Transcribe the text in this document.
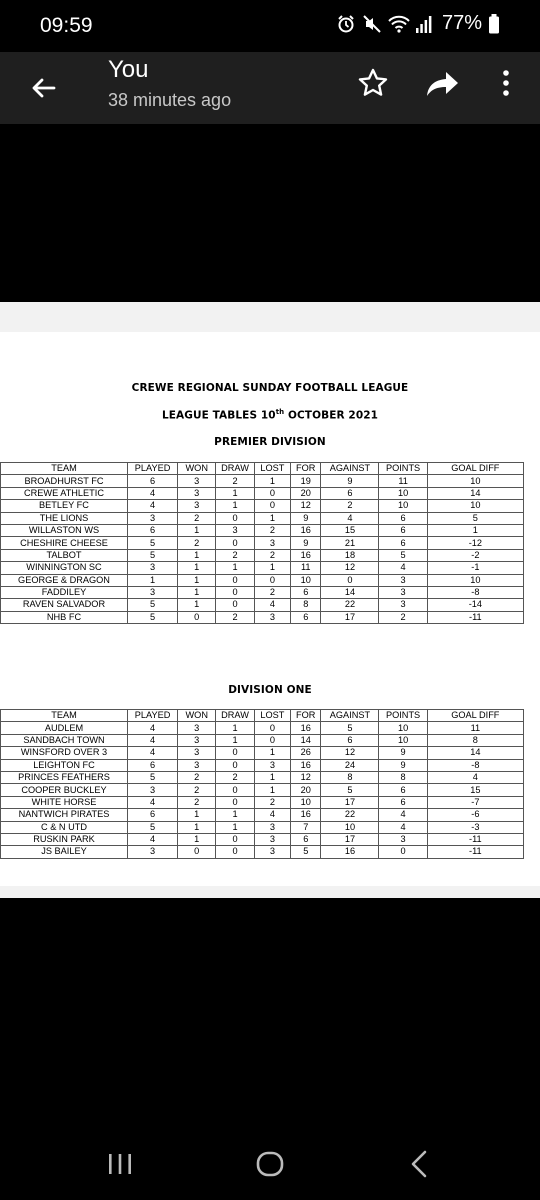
09:59	77%
You
38 minutes ago
CREWE REGIONAL SUNDAY FOOTBALL LEAGUE
LEAGUE TABLES 10th OCTOBER 2021
PREMIER DIVISION
TEAM	PLAYED	WON	DRAW	LOST	FOR	AGAINST	POINTS	GOAL DIFF
BROADHURST FC	6	3	2	1	19	9	11	10
CREWE ATHLETIC	4	3	1	0	20	6	10	14
BETLEY FC	4	3	1	0	12	2	10	10
THE LIONS	3	2	0	1	9	4	6	5
WILLASTON WS	6	1	3	2	16	15	6	1
CHESHIRE CHEESE	5	2	0	3	9	21	6	-12
TALBOT	5	1	2	2	16	18	5	-2
WINNINGTON SC	3	1	1	1	11	12	4	-1
GEORGE & DRAGON	1	1	0	0	10	0	3	10
FADDILEY	3	1	0	2	6	14	3	-8
RAVEN SALVADOR	5	1	0	4	8	22	3	-14
NHB FC	5	0	2	3	6	17	2	-11
DIVISION ONE
TEAM	PLAYED	WON	DRAW	LOST	FOR	AGAINST	POINTS	GOAL DIFF
AUDLEM	4	3	1	0	16	5	10	11
SANDBACH TOWN	4	3	1	0	14	6	10	8
WINSFORD OVER 3	4	3	0	1	26	12	9	14
LEIGHTON FC	6	3	0	3	16	24	9	-8
PRINCES FEATHERS	5	2	2	1	12	8	8	4
COOPER BUCKLEY	3	2	0	1	20	5	6	15
WHITE HORSE	4	2	0	2	10	17	6	-7
NANTWICH PIRATES	6	1	1	4	16	22	4	-6
C & N UTD	5	1	1	3	7	10	4	-3
RUSKIN PARK	4	1	0	3	6	17	3	-11
JS BAILEY	3	0	0	3	5	16	0	-11
